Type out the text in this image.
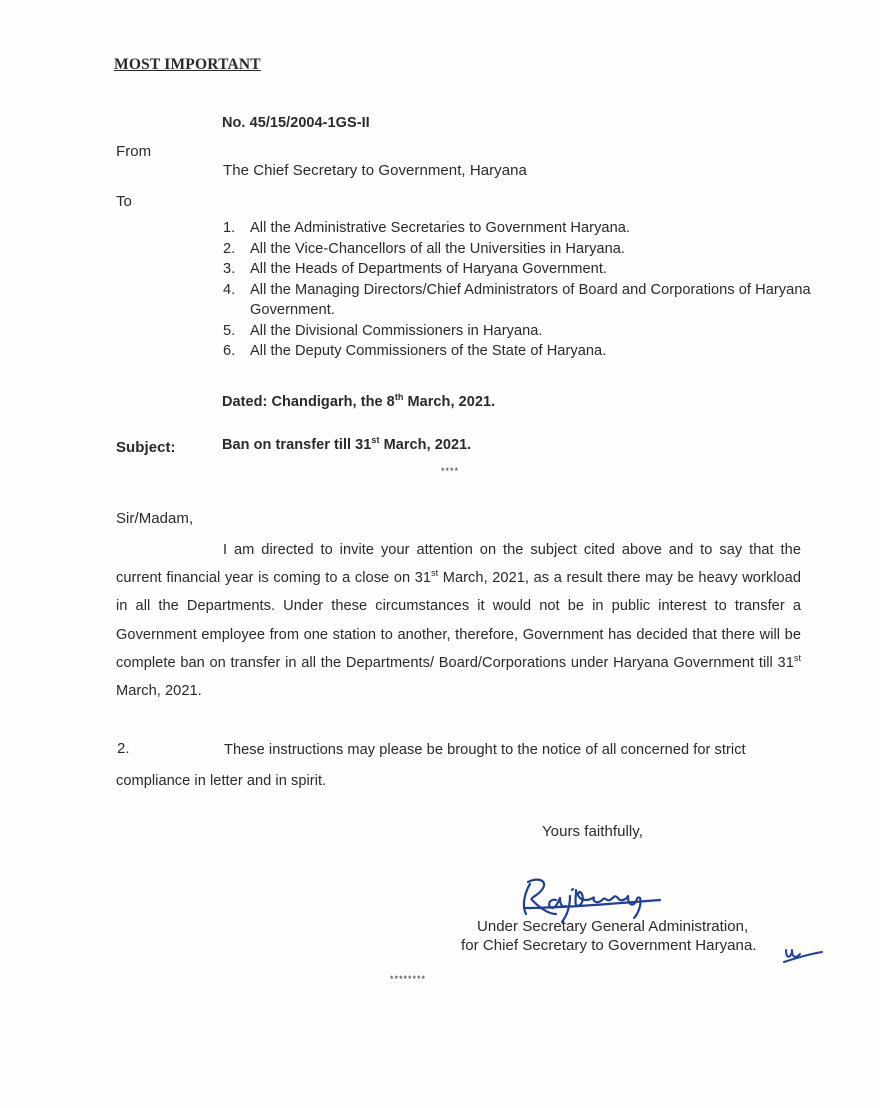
MOST IMPORTANT
No. 45/15/2004-1GS-II
From
The Chief Secretary to Government, Haryana
To
1. All the Administrative Secretaries to Government Haryana.
2. All the Vice-Chancellors of all the Universities in Haryana.
3. All the Heads of Departments of Haryana Government.
4. All the Managing Directors/Chief Administrators of Board and Corporations of Haryana Government.
5. All the Divisional Commissioners in Haryana.
6. All the Deputy Commissioners of the State of Haryana.
Dated: Chandigarh, the 8th March, 2021.
Subject:	Ban on transfer till 31st March, 2021.
****
Sir/Madam,
I am directed to invite your attention on the subject cited above and to say that the current financial year is coming to a close on 31st March, 2021, as a result there may be heavy workload in all the Departments. Under these circumstances it would not be in public interest to transfer a Government employee from one station to another, therefore, Government has decided that there will be complete ban on transfer in all the Departments/ Board/Corporations under Haryana Government till 31st March, 2021.
2.	These instructions may please be brought to the notice of all concerned for strict compliance in letter and in spirit.
Yours faithfully,
Under Secretary General Administration,
for Chief Secretary to Government Haryana.
********
